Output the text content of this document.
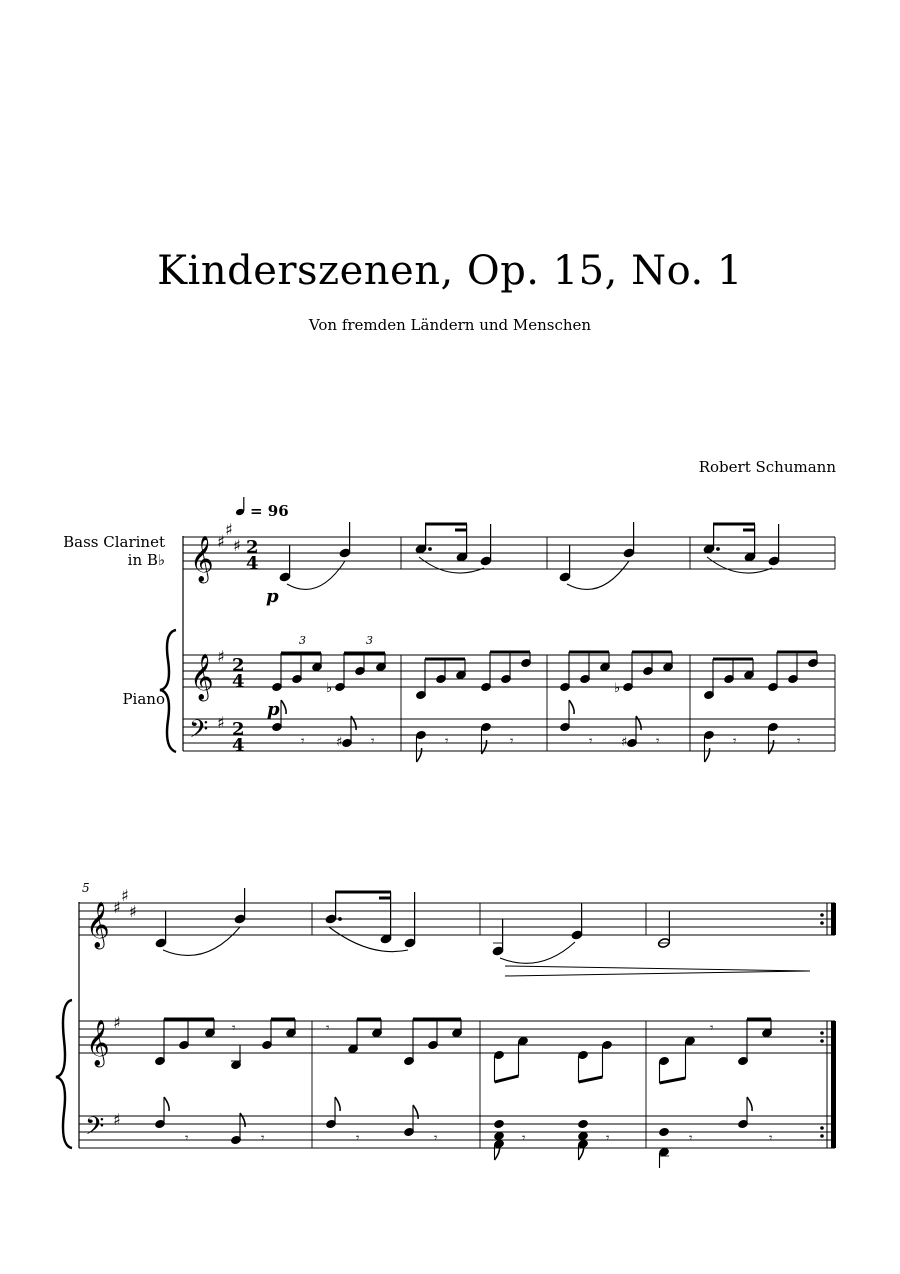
Kinderszenen, Op. 15, No. 1
Von fremden Ländern und Menschen
Robert Schumann
Bass Clarinet
in B♭
Piano
= 96
𝄞 ♯
♯
♯ 2
4
p
𝄞 ♯ 2
4
3
♭
3
♭
p
𝄢 ♯ 2
4	𝄾 ♯ 𝄾	𝄾	𝄾	𝄾 ♯ 𝄾	𝄾	𝄾
5
𝄞 ♯
♯
♯
𝄞 ♯	𝄾	𝄾	𝄾
𝄢 ♯
𝄾	𝄾	𝄾	𝄾	𝄾	𝄾	𝄾	𝄾
